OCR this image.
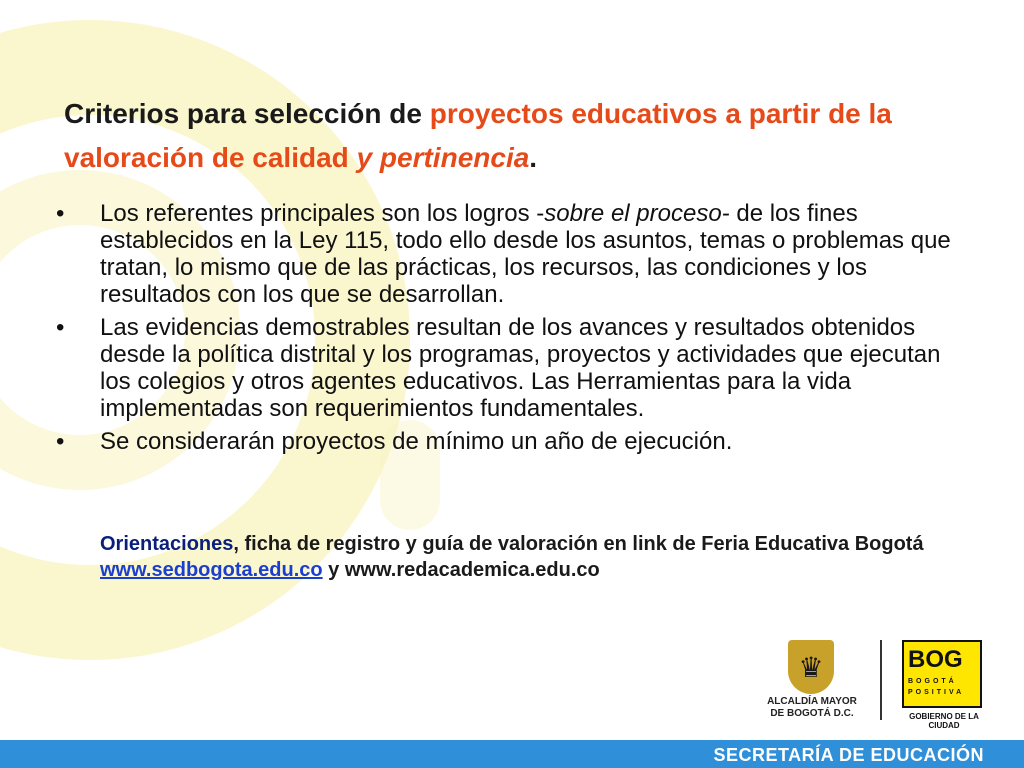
Criterios para selección de proyectos educativos a partir de la valoración de calidad y pertinencia.
•	Los referentes principales son los logros -sobre el proceso- de los fines establecidos en la Ley 115, todo ello desde los asuntos, temas o problemas que tratan, lo mismo que de las prácticas, los recursos, las condiciones y los resultados con los que se desarrollan.
•	Las evidencias demostrables resultan de los avances y resultados obtenidos desde la política distrital y los programas, proyectos y actividades que ejecutan los colegios y otros agentes educativos. Las Herramientas para la vida implementadas son requerimientos fundamentales.
•	Se considerarán proyectos de mínimo un año de ejecución.
Orientaciones, ficha de registro y guía de valoración en link de Feria Educativa Bogotá www.sedbogota.edu.co y www.redacademica.edu.co
♛
ALCALDÍA MAYOR
DE BOGOTÁ D.C.
BOG
BOGOTÁ
POSITIVA
GOBIERNO DE LA CIUDAD
SECRETARÍA DE EDUCACIÓN
